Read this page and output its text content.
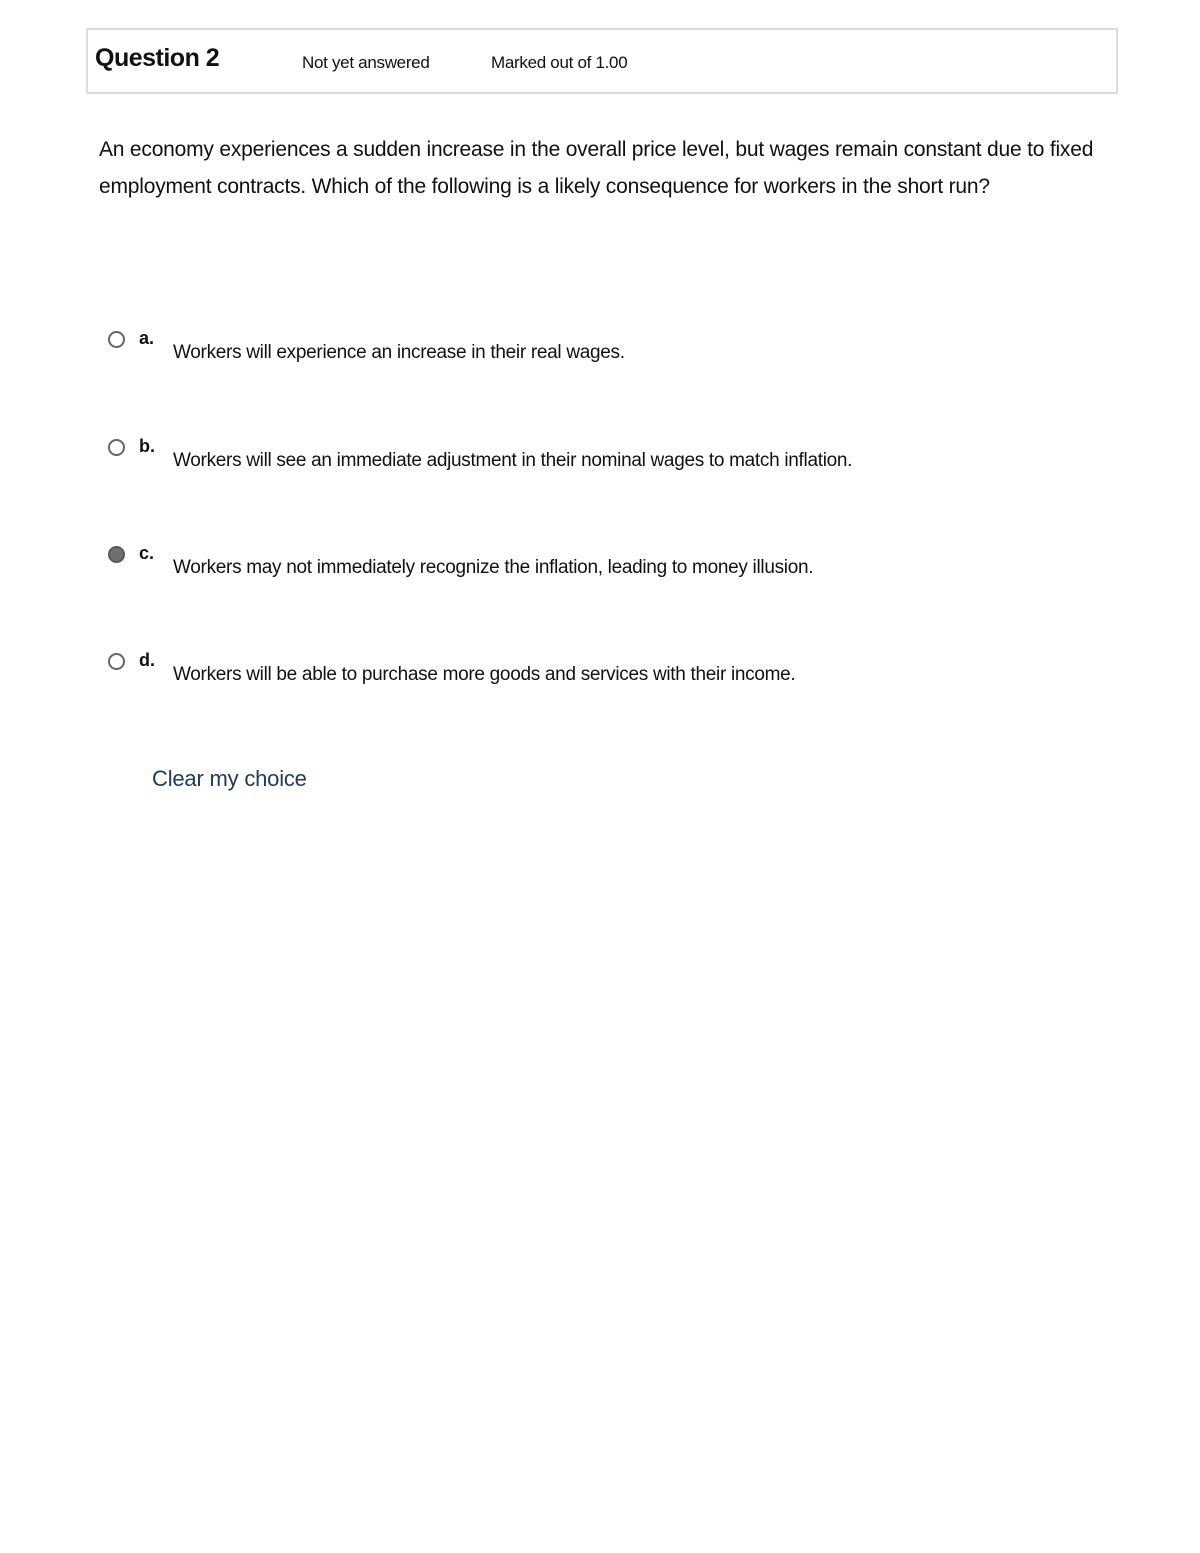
Question 2	Not yet answered	Marked out of 1.00
An economy experiences a sudden increase in the overall price level, but wages remain constant due to fixed employment contracts. Which of the following is a likely consequence for workers in the short run?
a.
Workers will experience an increase in their real wages.
b.
Workers will see an immediate adjustment in their nominal wages to match inflation.
c.
Workers may not immediately recognize the inflation, leading to money illusion.
d.
Workers will be able to purchase more goods and services with their income.
Clear my choice
